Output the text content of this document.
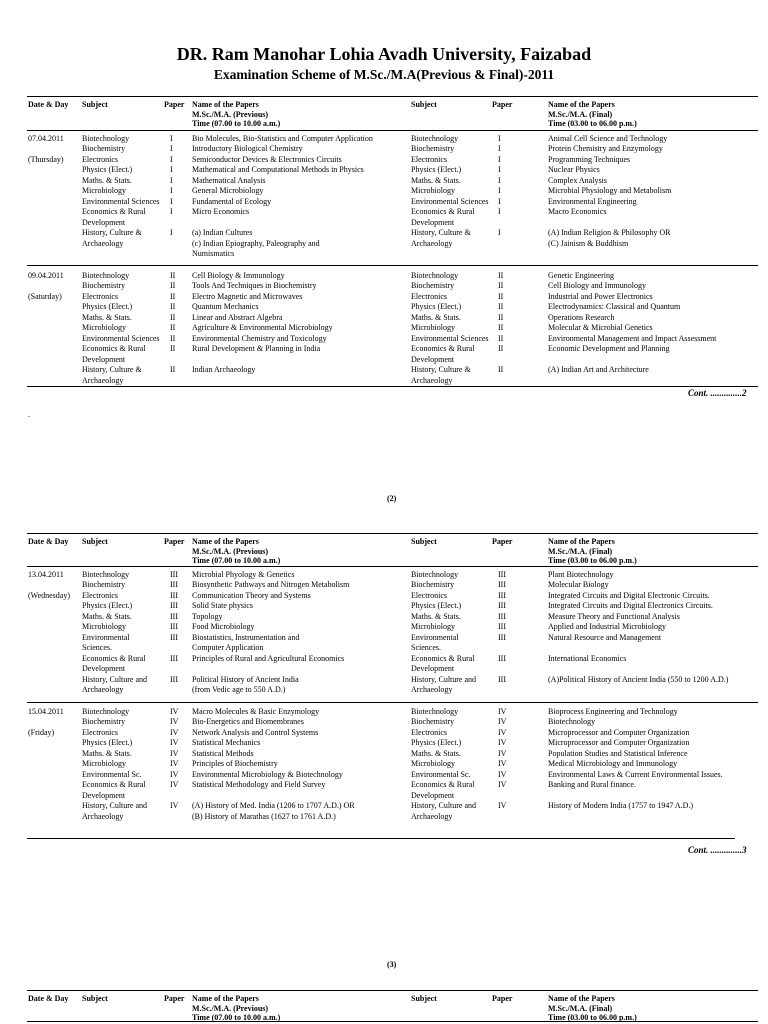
DR. Ram Manohar Lohia Avadh University, Faizabad
Examination Scheme of M.Sc./M.A(Previous & Final)-2011
Date & Day Subject	Paper Name of the Papers
M.Sc./M.A. (Previous)
Time (07.00 to 10.00 a.m.)
Subject	Paper	Name of the Papers
M.Sc./M.A. (Final)
Time (03.00 to 06.00 p.m.)
07.04.2011
(Thursday)
Biotechnology	I Bio Molecules, Bio-Statistics and Computer Application	Biotechnology	I	Animal Cell Science and Technology
Biochemistry	I Introductory Biological Chemistry	Biochemistry	I	Protein Chemistry and Enzymology
Electronics	I Semiconductor Devices & Electronics Circuits	Electronics	I	Programming Techniques
Physics (Elect.)	I Mathematical and Computational Methods in Physics	Physics (Elect.)	I	Nuclear Physics
Maths. & Stats.	I Mathematical Analysis	Maths. & Stats.	I	Complex Analysis
Microbiology	I General Microbiology	Microbiology	I	Microbial Physiology and Metabolism
Environmental Sciences I Fundamental of Ecology	Environmental Sciences I	Environmental Engineering
Economics & Rural	I Micro Economics	Economics & Rural	I	Macro Economics
Development	Development
History, Culture &	I (a) Indian Cultures	History, Culture &	I	(A) Indian Religion & Philosophy OR
Archaeology	(c) Indian Epiography, Paleography and	Archaeology	(C) Jainism & Buddhism
Numismatics
09.04.2011
(Saturday)
Biotechnology	II Cell Biology & Immunology	Biotechnology	II	Genetic Engineering
Biochemistry	II Tools And Techniques in Biochemistry	Biochemistry	II	Cell Biology and Immunology
Electronics	II Electro Magnetic and Microwaves	Electronics	II	Industrial and Power Electronics
Physics (Elect.)	II Quantum Mechanics	Physics (Elect.)	II	Electrodynamics: Classical and Quantum
Maths. & Stats.	II Linear and Abstract Algebra	Maths. & Stats.	II	Operations Research
Microbiology	II Agriculture & Environmental Microbiology	Microbiology	II	Molecular & Microbial Genetics
Environmental Sciences II Environmental Chemistry and Toxicology	Environmental Sciences II	Environmental Management and Impact Assessment
Economics & Rural	II Rural Development & Planning in India	Economics & Rural	II	Economic Development and Planning
Development	Development
History, Culture &	II Indian Archaeology	History, Culture &	II	(A) Indian Art and Architecture
Archaeology	Archaeology
Cont. ..............2
.
(2)
Date & Day Subject	Paper Name of the Papers
M.Sc./M.A. (Previous)
Time (07.00 to 10.00 a.m.)
Subject	Paper	Name of the Papers
M.Sc./M.A. (Final)
Time (03.00 to 06.00 p.m.)
13.04.2011
(Wednesday)
Biotechnology	III Microbial Phyology & Genetics	Biotechnology	III	Plant Biotechnology
Biochemistry	III Biosynthetic Pathways and Nitrogen Metabolism	Biochemistry	III	Molecular Biology
Electronics	III Communication Theory and Systems	Electronics	III	Integrated Circuits and Digital Electronic Circuits.
Physics (Elect.)	III Solid State physics	Physics (Elect.)	III	Integrated Circuits and Digital Electronics Circuits.
Maths. & Stats.	III Topology	Maths. & Stats.	III	Measure Theory and Functional Analysis
Microbiology	III Food Microbiology	Microbiology	III	Applied and Industrial Microbiology
Environmental	III Biostatistics, Instrumentation and	Environmental	III	Natural Resource and Management
Sciences.	Computer Application	Sciences.
Economics & Rural	III Principles of Rural and Agricultural Economics	Economics & Rural	III	International Economics
Development	Development
History, Culture and	III Political History of Ancient India	History, Culture and	III	(A)Political History of Ancient India (550 to 1200 A.D.)
Archaeology	(from Vedic age to 550 A.D.)	Archaeology
15.04.2011
(Friday)
Biotechnology	IV Macro Molecules & Basic Enzymology	Biotechnology	IV	Bioprocess Engineering and Technology
Biochemistry	IV Bio-Energetics and Biomembranes	Biochemistry	IV	Biotechnology
Electronics	IV Network Analysis and Control Systems	Electronics	IV	Microprocessor and Computer Organization
Physics (Elect.)	IV Statistical Mechanics	Physics (Elect.)	IV	Microprocessor and Computer Organization
Maths. & Stats.	IV Statistical Methods	Maths. & Stats.	IV	Population Studies and Statistical Inference
Microbiology	IV Principles of Biochemistry	Microbiology	IV	Medical Microbiology and Immunology
Environmental Sc.	IV Environmental Microbiology & Biotechnology	Environmental Sc.	IV	Environmental Laws & Current Environmental Issues.
Economics & Rural	IV Statistical Methodology and Field Survey	Economics & Rural	IV	Banking and Rural finance.
Development	Development
History, Culture and	IV (A) History of Med. India (1206 to 1707 A.D.) OR	History, Culture and	IV	History of Modern India (1757 to 1947 A.D.)
Archaeology	(B) History of Marathas (1627 to 1761 A.D.)	Archaeology
Cont. ..............3
(3)
Date & Day Subject	Paper Name of the Papers
M.Sc./M.A. (Previous)
Time (07.00 to 10.00 a.m.)
Subject	Paper	Name of the Papers
M.Sc./M.A. (Final)
Time (03.00 to 06.00 p.m.)
